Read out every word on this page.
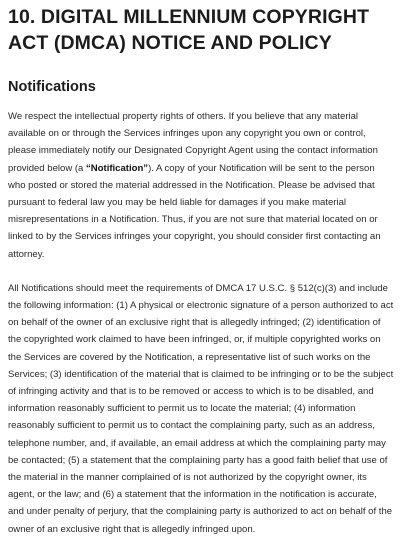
10. DIGITAL MILLENNIUM COPYRIGHT ACT (DMCA) NOTICE AND POLICY
Notifications

We respect the intellectual property rights of others. If you believe that any material available on or through the Services infringes upon any copyright you own or control, please immediately notify our Designated Copyright Agent using the contact information provided below (a “Notification”). A copy of your Notification will be sent to the person who posted or stored the material addressed in the Notification. Please be advised that pursuant to federal law you may be held liable for damages if you make material misrepresentations in a Notification. Thus, if you are not sure that material located on or linked to by the Services infringes your copyright, you should consider first contacting an attorney.

All Notifications should meet the requirements of DMCA 17 U.S.C. § 512(c)(3) and include the following information: (1) A physical or electronic signature of a person authorized to act on behalf of the owner of an exclusive right that is allegedly infringed; (2) identification of the copyrighted work claimed to have been infringed, or, if multiple copyrighted works on the Services are covered by the Notification, a representative list of such works on the Services; (3) identification of the material that is claimed to be infringing or to be the subject of infringing activity and that is to be removed or access to which is to be disabled, and information reasonably sufficient to permit us to locate the material; (4) information reasonably sufficient to permit us to contact the complaining party, such as an address, telephone number, and, if available, an email address at which the complaining party may be contacted; (5) a statement that the complaining party has a good faith belief that use of the material in the manner complained of is not authorized by the copyright owner, its agent, or the law; and (6) a statement that the information in the notification is accurate, and under penalty of perjury, that the complaining party is authorized to act on behalf of the owner of an exclusive right that is allegedly infringed upon.
